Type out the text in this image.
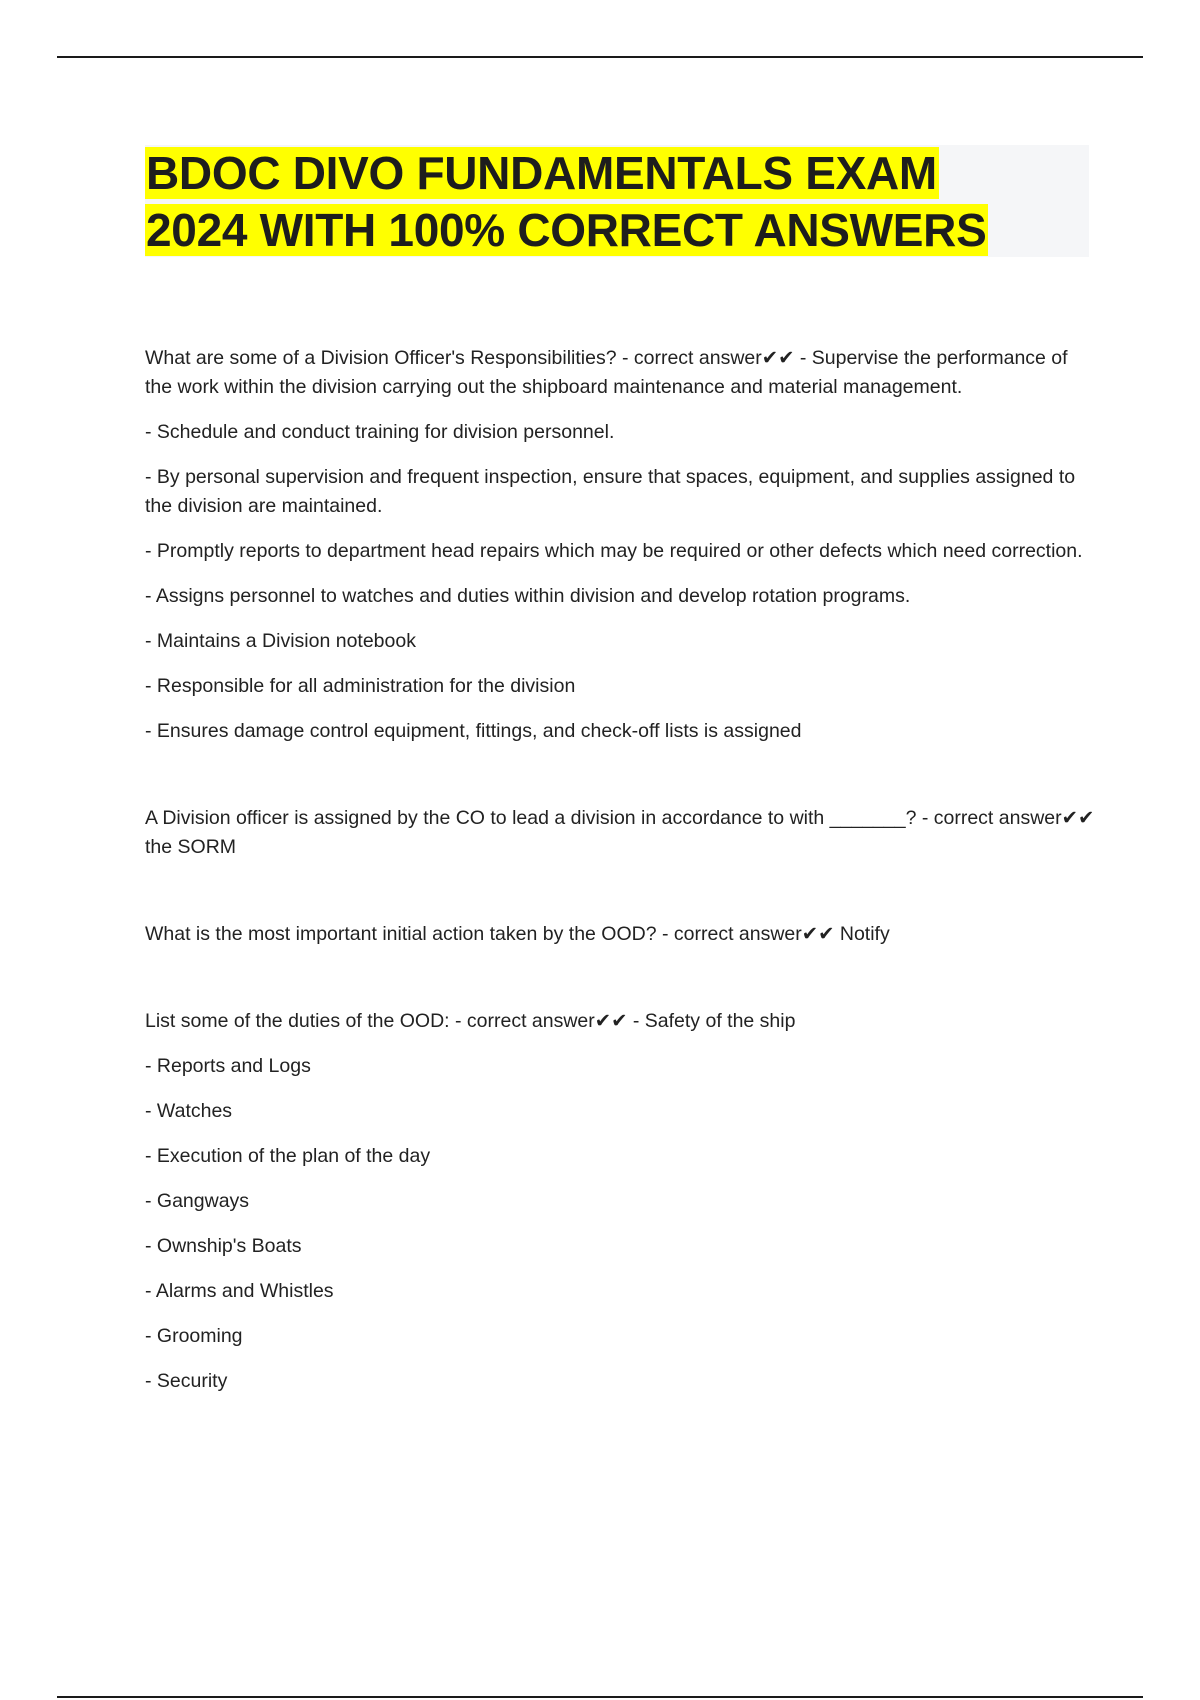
BDOC DIVO FUNDAMENTALS EXAM
2024 WITH 100% CORRECT ANSWERS

What are some of a Division Officer's Responsibilities? - correct answer✔✔ - Supervise the performance of the work within the division carrying out the shipboard maintenance and material management.

- Schedule and conduct training for division personnel.

- By personal supervision and frequent inspection, ensure that spaces, equipment, and supplies assigned to the division are maintained.

- Promptly reports to department head repairs which may be required or other defects which need correction.

- Assigns personnel to watches and duties within division and develop rotation programs.

- Maintains a Division notebook

- Responsible for all administration for the division

- Ensures damage control equipment, fittings, and check-off lists is assigned

A Division officer is assigned by the CO to lead a division in accordance to with _______? - correct answer✔✔ the SORM

What is the most important initial action taken by the OOD? - correct answer✔✔ Notify

List some of the duties of the OOD: - correct answer✔✔ - Safety of the ship

- Reports and Logs

- Watches

- Execution of the plan of the day

- Gangways

- Ownship's Boats

- Alarms and Whistles

- Grooming

- Security
